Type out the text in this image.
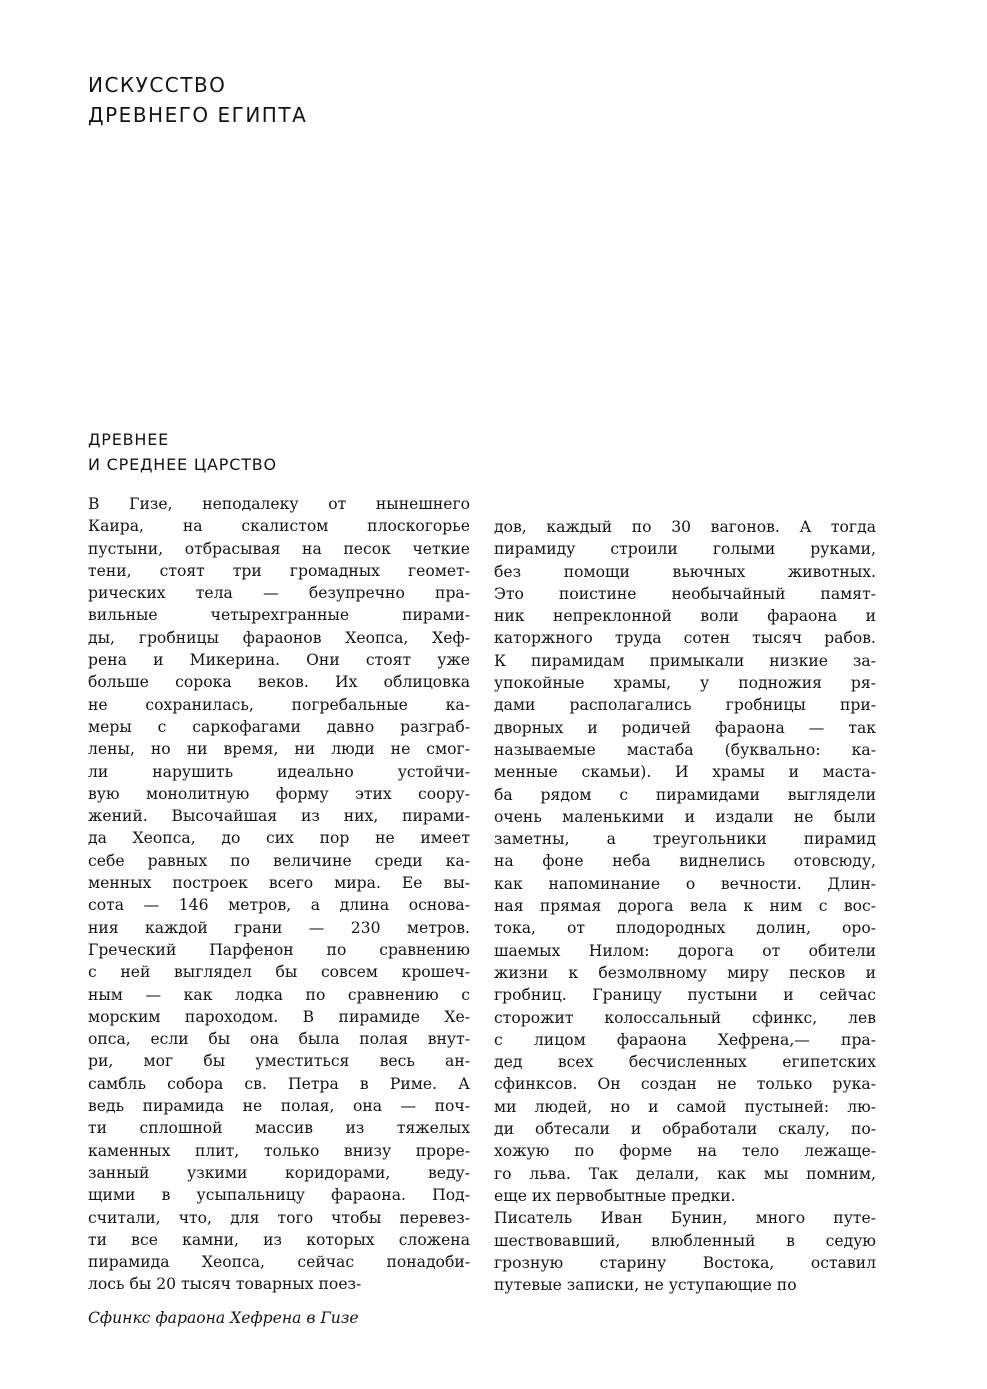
ИСКУССТВО
ДРЕВНЕГО ЕГИПТА
ДРЕВНЕЕ
И СРЕДНЕЕ ЦАРСТВО
В Гизе, неподалеку от нынешнего
Каира, на скалистом плоскогорье
пустыни, отбрасывая на песок четкие
тени, стоят три громадных геомет-
рических тела — безупречно пра-
вильные четырехгранные пирами-
ды, гробницы фараонов Хеопса, Хеф-
рена и Микерина. Они стоят уже
больше сорока веков. Их облицовка
не сохранилась, погребальные ка-
меры с саркофагами давно разграб-
лены, но ни время, ни люди не смог-
ли нарушить идеально устойчи-
вую монолитную форму этих соору-
жений. Высочайшая из них, пирами-
да Хеопса, до сих пор не имеет
себе равных по величине среди ка-
менных построек всего мира. Ее вы-
сота — 146 метров, а длина основа-
ния каждой грани — 230 метров.
Греческий Парфенон по сравнению
с ней выглядел бы совсем крошеч-
ным — как лодка по сравнению с
морским пароходом. В пирамиде Хе-
опса, если бы она была полая внут-
ри, мог бы уместиться весь ан-
самбль собора св. Петра в Риме. А
ведь пирамида не полая, она — поч-
ти сплошной массив из тяжелых
каменных плит, только внизу проре-
занный узкими коридорами, веду-
щими в усыпальницу фараона. Под-
считали, что, для того чтобы перевез-
ти все камни, из которых сложена
пирамида Хеопса, сейчас понадоби-
лось бы 20 тысяч товарных поез-
дов, каждый по 30 вагонов. А тогда
пирамиду строили голыми руками,
без помощи вьючных животных.
Это поистине необычайный памят-
ник непреклонной воли фараона и
каторжного труда сотен тысяч рабов.
К пирамидам примыкали низкие за-
упокойные храмы, у подножия ря-
дами располагались гробницы при-
дворных и родичей фараона — так
называемые мастаба (буквально: ка-
менные скамьи). И храмы и маста-
ба рядом с пирамидами выглядели
очень маленькими и издали не были
заметны, а треугольники пирамид
на фоне неба виднелись отовсюду,
как напоминание о вечности. Длин-
ная прямая дорога вела к ним с вос-
тока, от плодородных долин, оро-
шаемых Нилом: дорога от обители
жизни к безмолвному миру песков и
гробниц. Границу пустыни и сейчас
сторожит колоссальный сфинкс, лев
с лицом фараона Хефрена,— пра-
дед всех бесчисленных египетских
сфинксов. Он создан не только рука-
ми людей, но и самой пустыней: лю-
ди обтесали и обработали скалу, по-
хожую по форме на тело лежаще-
го льва. Так делали, как мы помним,
еще их первобытные предки.
Писатель Иван Бунин, много путе-
шествовавший, влюбленный в седую
грозную старину Востока, оставил
путевые записки, не уступающие по
Сфинкс фараона Хефрена в Гизе
